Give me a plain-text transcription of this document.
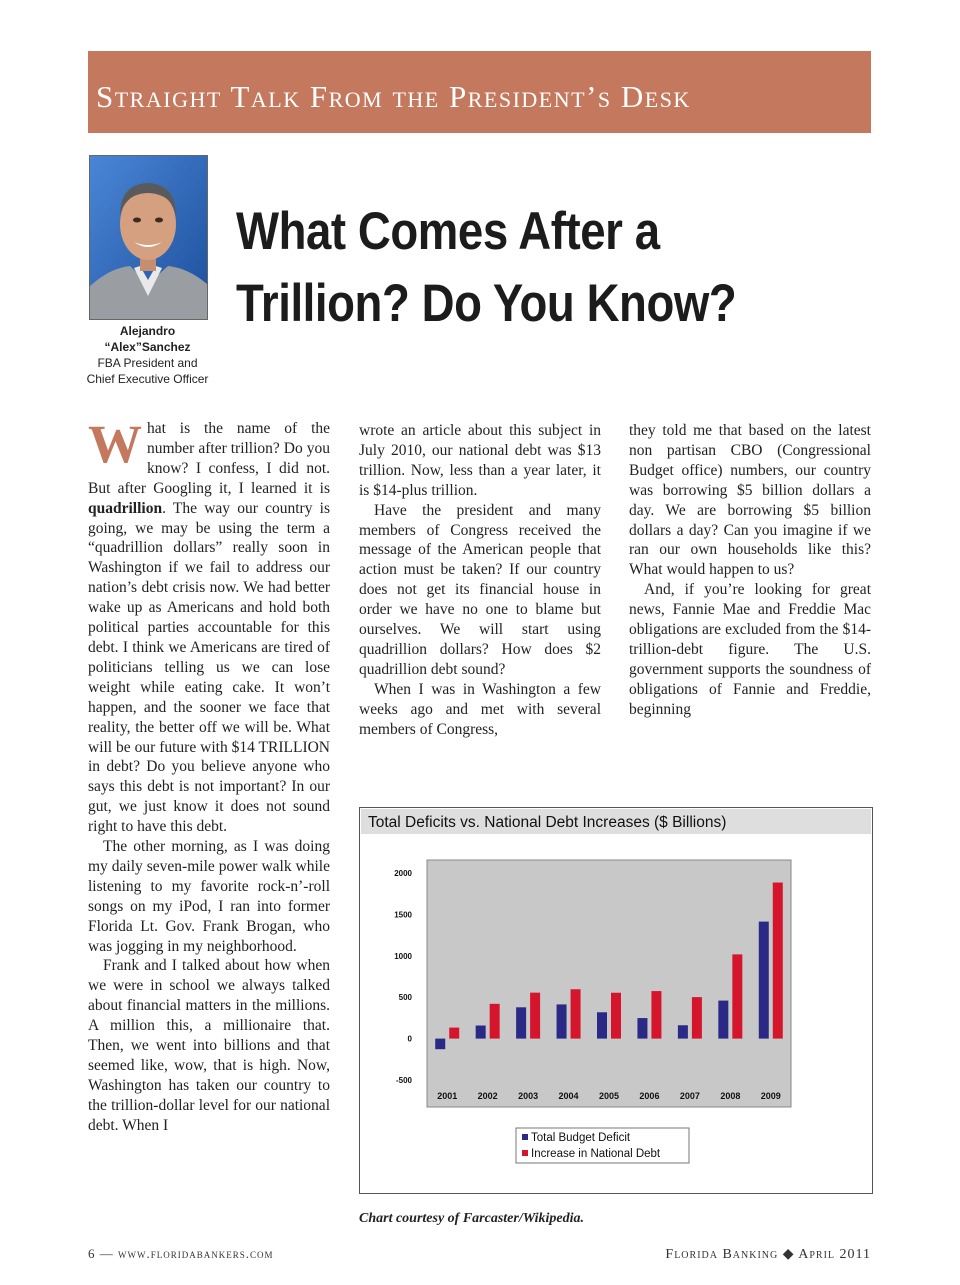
Straight Talk From the President’s Desk
Alejandro
“Alex”Sanchez
FBA President and
Chief Executive Officer
What Comes After a
Trillion? Do You Know?

What is the name of the number after trillion? Do you know? I confess, I did not. But after Googling it, I learned it is quadrillion. The way our country is going, we may be using the term a “quadrillion dollars” really soon in Washington if we fail to address our nation’s debt crisis now. We had better wake up as Americans and hold both political parties accountable for this debt. I think we Americans are tired of politicians telling us we can lose weight while eating cake. It won’t happen, and the sooner we face that reality, the better off we will be. What will be our future with $14 TRILLION in debt? Do you believe anyone who says this debt is not important? In our gut, we just know it does not sound right to have this debt.

The other morning, as I was doing my daily seven-mile power walk while listening to my favorite rock-n’-roll songs on my iPod, I ran into former Florida Lt. Gov. Frank Brogan, who was jogging in my neighborhood.

Frank and I talked about how when we were in school we always talked about financial matters in the millions. A million this, a millionaire that. Then, we went into billions and that seemed like, wow, that is high. Now, Washington has taken our country to the trillion-dollar level for our national debt. When I

wrote an article about this subject in July 2010, our national debt was $13 trillion. Now, less than a year later, it is $14-plus trillion.

Have the president and many members of Congress received the message of the American people that action must be taken? If our country does not get its financial house in order we have no one to blame but ourselves. We will start using quadrillion dollars? How does $2 quadrillion debt sound?

When I was in Washington a few weeks ago and met with several members of Congress,

they told me that based on the latest non partisan CBO (Congressional Budget office) numbers, our country was borrowing $5 billion dollars a day. We are borrowing $5 billion dollars a day? Can you imagine if we ran our own households like this? What would happen to us?

And, if you’re looking for great news, Fannie Mae and Freddie Mac obligations are excluded from the $14-trillion-debt figure. The U.S. government supports the soundness of obligations of Fannie and Freddie, beginning

Total Deficits vs. National Debt Increases ($ Billions)
2000
1500
1000
500
0
-500
2001 2002 2003 2004 2005 2006 2007 2008 2009
Total Budget Deficit
Increase in National Debt
Chart courtesy of Farcaster/Wikipedia.
6 — www.floridabankers.com	Florida Banking ◆ April 2011
